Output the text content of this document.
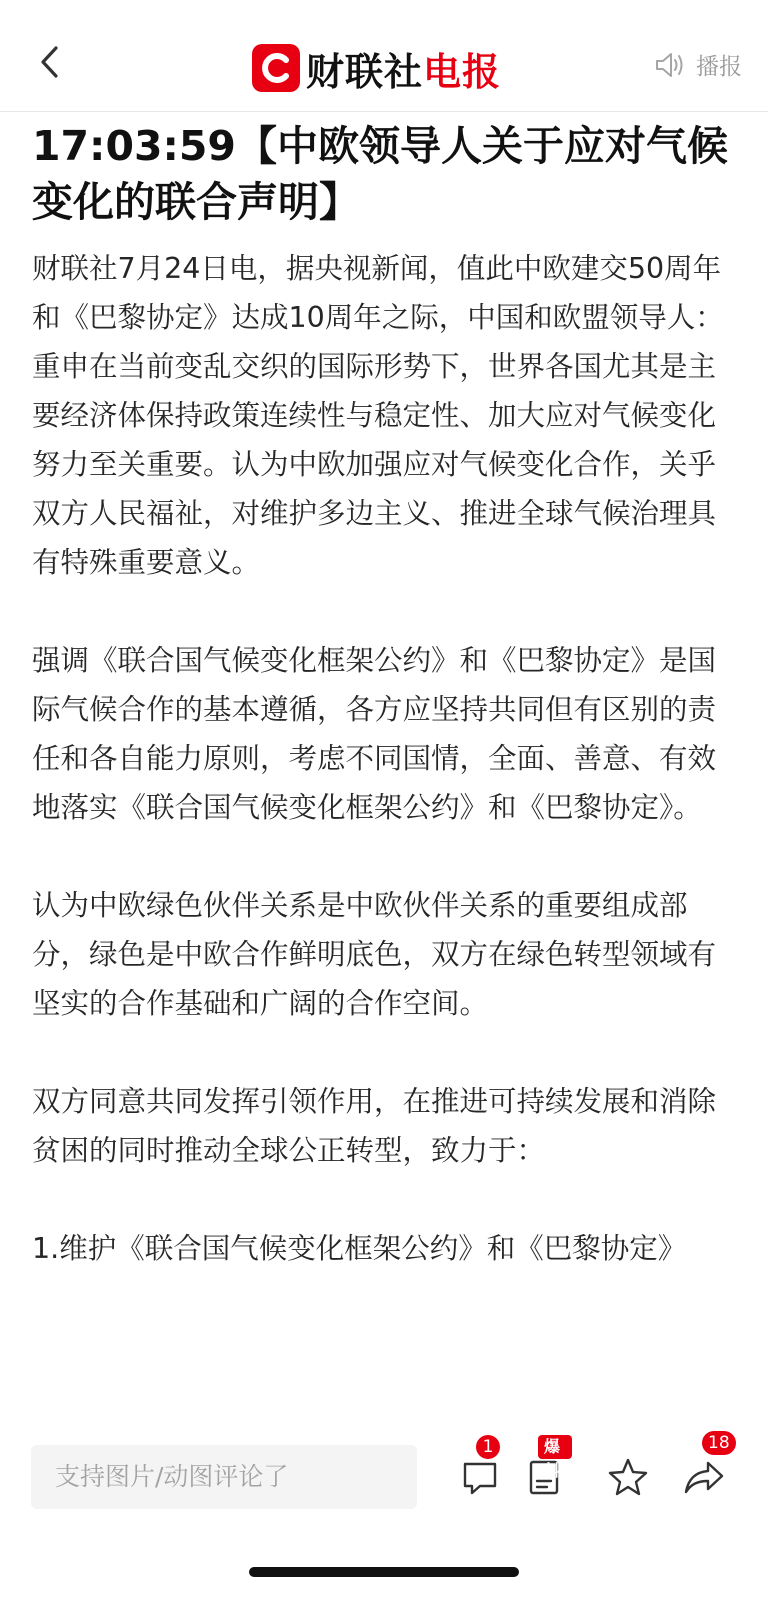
财联社电报	播报
17:03:59【中欧领导人关于应对气候变化的联合声明】

财联社7月24日电，据央视新闻，值此中欧建交50周年和《巴黎协定》达成10周年之际，中国和欧盟领导人：重申在当前变乱交织的国际形势下，世界各国尤其是主要经济体保持政策连续性与稳定性、加大应对气候变化努力至关重要。认为中欧加强应对气候变化合作，关乎双方人民福祉，对维护多边主义、推进全球气候治理具有特殊重要意义。

强调《联合国气候变化框架公约》和《巴黎协定》是国际气候合作的基本遵循，各方应坚持共同但有区别的责任和各自能力原则，考虑不同国情，全面、善意、有效地落实《联合国气候变化框架公约》和《巴黎协定》。

认为中欧绿色伙伴关系是中欧伙伴关系的重要组成部分，绿色是中欧合作鲜明底色，双方在绿色转型领域有坚实的合作基础和广阔的合作空间。

双方同意共同发挥引领作用，在推进可持续发展和消除贫困的同时推动全球公正转型，致力于：

1.维护《联合国气候变化框架公约》和《巴黎协定》

支持图片/动图评论了
1	爆料
18
